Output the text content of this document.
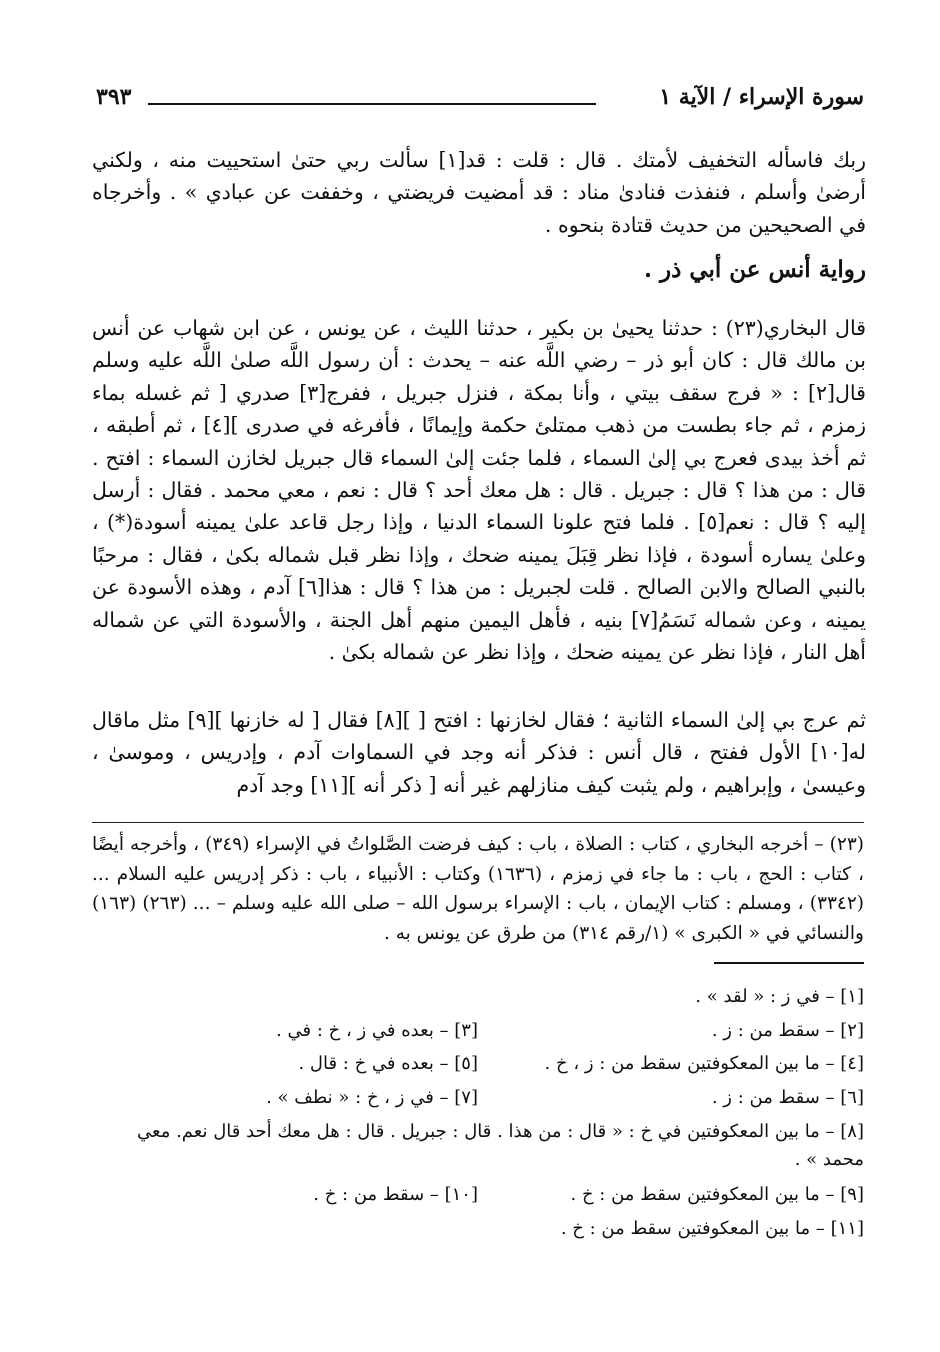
سورة الإسراء / الآية ١
٣٩٣

ربك فاسأله التخفيف لأمتك . قال : قلت : قد[١] سألت ربي حتىٰ استحييت منه ، ولكني أرضىٰ وأسلم ، فنفذت فنادىٰ مناد : قد أمضيت فريضتي ، وخففت عن عبادي » . وأخرجاه في الصحيحين من حديث قتادة بنحوه .

رواية أنس عن أبي ذر .

قال البخاري(٢٣) : حدثنا يحيىٰ بن بكير ، حدثنا الليث ، عن يونس ، عن ابن شهاب عن أنس بن مالك قال : كان أبو ذر – رضي اللَّه عنه – يحدث : أن رسول اللَّه صلىٰ اللَّه عليه وسلم قال[٢] : « فرج سقف بيتي ، وأنا بمكة ، فنزل جبريل ، ففرج[٣] صدري [ ثم غسله بماء زمزم ، ثم جاء بطست من ذهب ممتلئ حكمة وإيمانًا ، فأفرغه في صدرى ][٤] ، ثم أطبقه ، ثم أخذ بيدى فعرج بي إلىٰ السماء ، فلما جئت إلىٰ السماء قال جبريل لخازن السماء : افتح . قال : من هذا ؟ قال : جبريل . قال : هل معك أحد ؟ قال : نعم ، معي محمد . فقال : أرسل إليه ؟ قال : نعم[٥] . فلما فتح علونا السماء الدنيا ، وإذا رجل قاعد علىٰ يمينه أسودة(*) ، وعلىٰ يساره أسودة ، فإذا نظر قِبَلَ يمينه ضحك ، وإذا نظر قبل شماله بكىٰ ، فقال : مرحبًا بالنبي الصالح والابن الصالح . قلت لجبريل : من هذا ؟ قال : هذا[٦] آدم ، وهذه الأسودة عن يمينه ، وعن شماله نَسَمُ[٧] بنيه ، فأهل اليمين منهم أهل الجنة ، والأسودة التي عن شماله أهل النار ، فإذا نظر عن يمينه ضحك ، وإذا نظر عن شماله بكىٰ .

ثم عرج بي إلىٰ السماء الثانية ؛ فقال لخازنها : افتح [ ][٨] فقال [ له خازنها ][٩] مثل ماقال له[١٠] الأول ففتح ، قال أنس : فذكر أنه وجد في السماوات آدم ، وإدريس ، وموسىٰ ، وعيسىٰ ، وإبراهيم ، ولم يثبت كيف منازلهم غير أنه [ ذكر أنه ][١١] وجد آدم

(٢٣) – أخرجه البخاري ، كتاب : الصلاة ، باب : كيف فرضت الصَّلواتُ في الإسراء (٣٤٩) ، وأخرجه أيضًا ، كتاب : الحج ، باب : ما جاء في زمزم ، (١٦٣٦) وكتاب : الأنبياء ، باب : ذكر إدريس عليه السلام ... (٣٣٤٢) ، ومسلم : كتاب الإيمان ، باب : الإسراء برسول الله – صلى الله عليه وسلم – ... (٢٦٣) (١٦٣) والنسائي في « الكبرى » (١/رقم ٣١٤) من طرق عن يونس به .
[١] – في ز : « لقد » .
[٢] – سقط من : ز .
[٣] – بعده في ز ، خ : في .
[٤] – ما بين المعكوفتين سقط من : ز ، خ .
[٥] – بعده في خ : قال .
[٦] – سقط من : ز .
[٧] – في ز ، خ : « نطف » .
[٨] – ما بين المعكوفتين في خ : « قال : من هذا . قال : جبريل . قال : هل معك أحد قال نعم. معي محمد » .
[٩] – ما بين المعكوفتين سقط من : خ .
[١٠] – سقط من : خ .
[١١] – ما بين المعكوفتين سقط من : خ .
